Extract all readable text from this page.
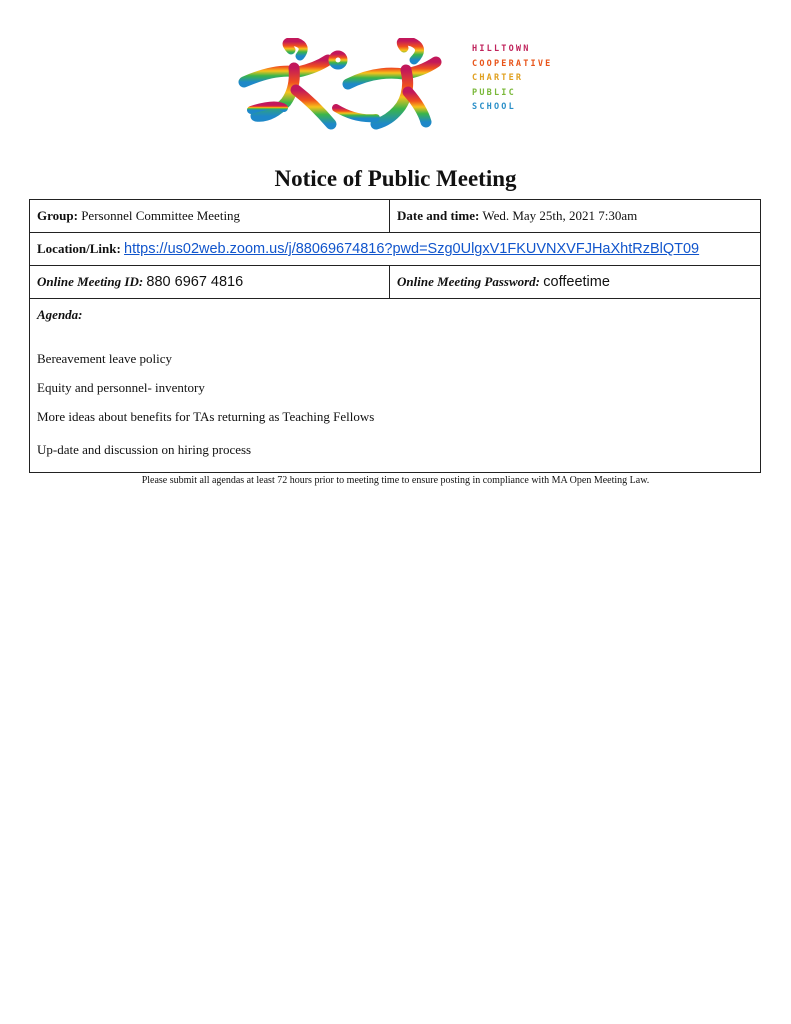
HILLTOWN
COOPERATIVE
CHARTER
PUBLIC
SCHOOL
Notice of Public Meeting
Group: Personnel Committee Meeting	Date and time: Wed. May 25th, 2021 7:30am
Location/Link: https://us02web.zoom.us/j/88069674816?pwd=Szg0UlgxV1FKUVNXVFJHaXhtRzBlQT09	
Online Meeting ID: 880 6967 4816	Online Meeting Password: coffeetime

Agenda:
Bereavement leave policy
Equity and personnel- inventory
More ideas about benefits for TAs returning as Teaching Fellows
Up-date and discussion on hiring process	
Please submit all agendas at least 72 hours prior to meeting time to ensure posting in compliance with MA Open Meeting Law.
